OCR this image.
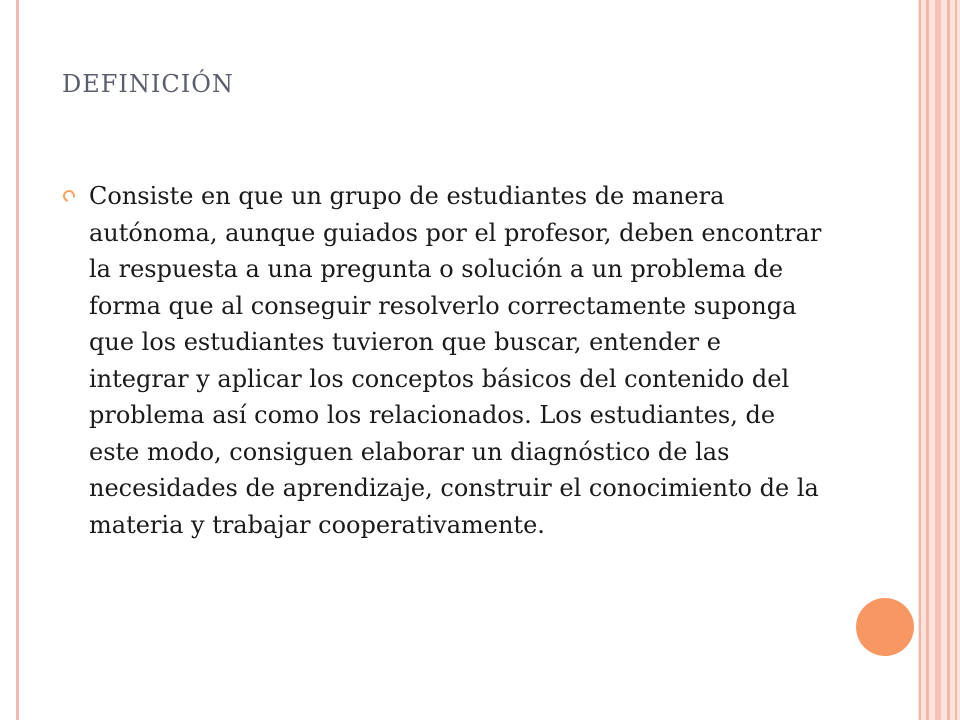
DEFINICIÓN

Consiste en que un grupo de estudiantes de manera autónoma, aunque guiados por el profesor, deben encontrar la respuesta a una pregunta o solución a un problema de forma que al conseguir resolverlo correctamente suponga que los estudiantes tuvieron que buscar, entender e integrar y aplicar los conceptos básicos del contenido del problema así como los relacionados. Los estudiantes, de este modo, consiguen elaborar un diagnóstico de las necesidades de aprendizaje, construir el conocimiento de la materia y trabajar cooperativamente.
